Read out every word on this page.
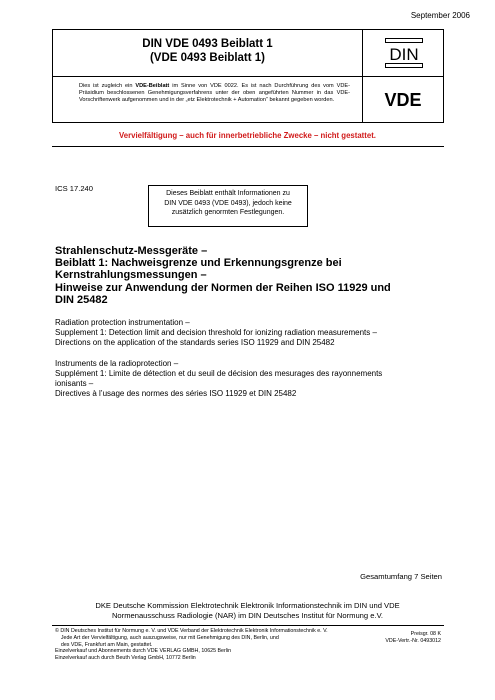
September 2006
DIN VDE 0493 Beiblatt 1
(VDE 0493 Beiblatt 1)
Dies ist zugleich ein VDE-Beiblatt im Sinne von VDE 0022. Es ist nach Durchführung des vom VDE-Präsidium beschlossenen Genehmigungsverfahrens unter der oben angeführten Nummer in das VDE-Vorschriftenwerk aufgenommen und in der „etz Elektrotechnik + Automation“ bekannt gegeben worden.
DIN
VDE
Vervielfältigung – auch für innerbetriebliche Zwecke – nicht gestattet.
ICS 17.240
Dieses Beiblatt enthält Informationen zu
DIN VDE 0493 (VDE 0493), jedoch keine
zusätzlich genormten Festlegungen.
Strahlenschutz-Messgeräte –
Beiblatt 1: Nachweisgrenze und Erkennungsgrenze bei
Kernstrahlungsmessungen –
Hinweise zur Anwendung der Normen der Reihen ISO 11929 und
DIN 25482
Radiation protection instrumentation –
Supplement 1: Detection limit and decision threshold for ionizing radiation measurements –
Directions on the application of the standards series ISO 11929 and DIN 25482
Instruments de la radioprotection –
Supplément 1: Limite de détection et du seuil de décision des mesurages des rayonnements
ionisants –
Directives à l’usage des normes des séries ISO 11929 et DIN 25482
Gesamtumfang 7 Seiten
DKE Deutsche Kommission Elektrotechnik Elektronik Informationstechnik im DIN und VDE
Normenausschuss Radiologie (NAR) im DIN Deutsches Institut für Normung e.V.
© DIN Deutsches Institut für Normung e. V. und VDE Verband der Elektrotechnik Elektronik Informationstechnik e. V.
Jede Art der Vervielfältigung, auch auszugsweise, nur mit Genehmigung des DIN, Berlin, und
des VDE, Frankfurt am Main, gestattet.
Einzelverkauf und Abonnements durch VDE VERLAG GMBH, 10625 Berlin
Einzelverkauf auch durch Beuth Verlag GmbH, 10772 Berlin
Preisgr. 08 K
VDE-Vertr.-Nr. 0493012
